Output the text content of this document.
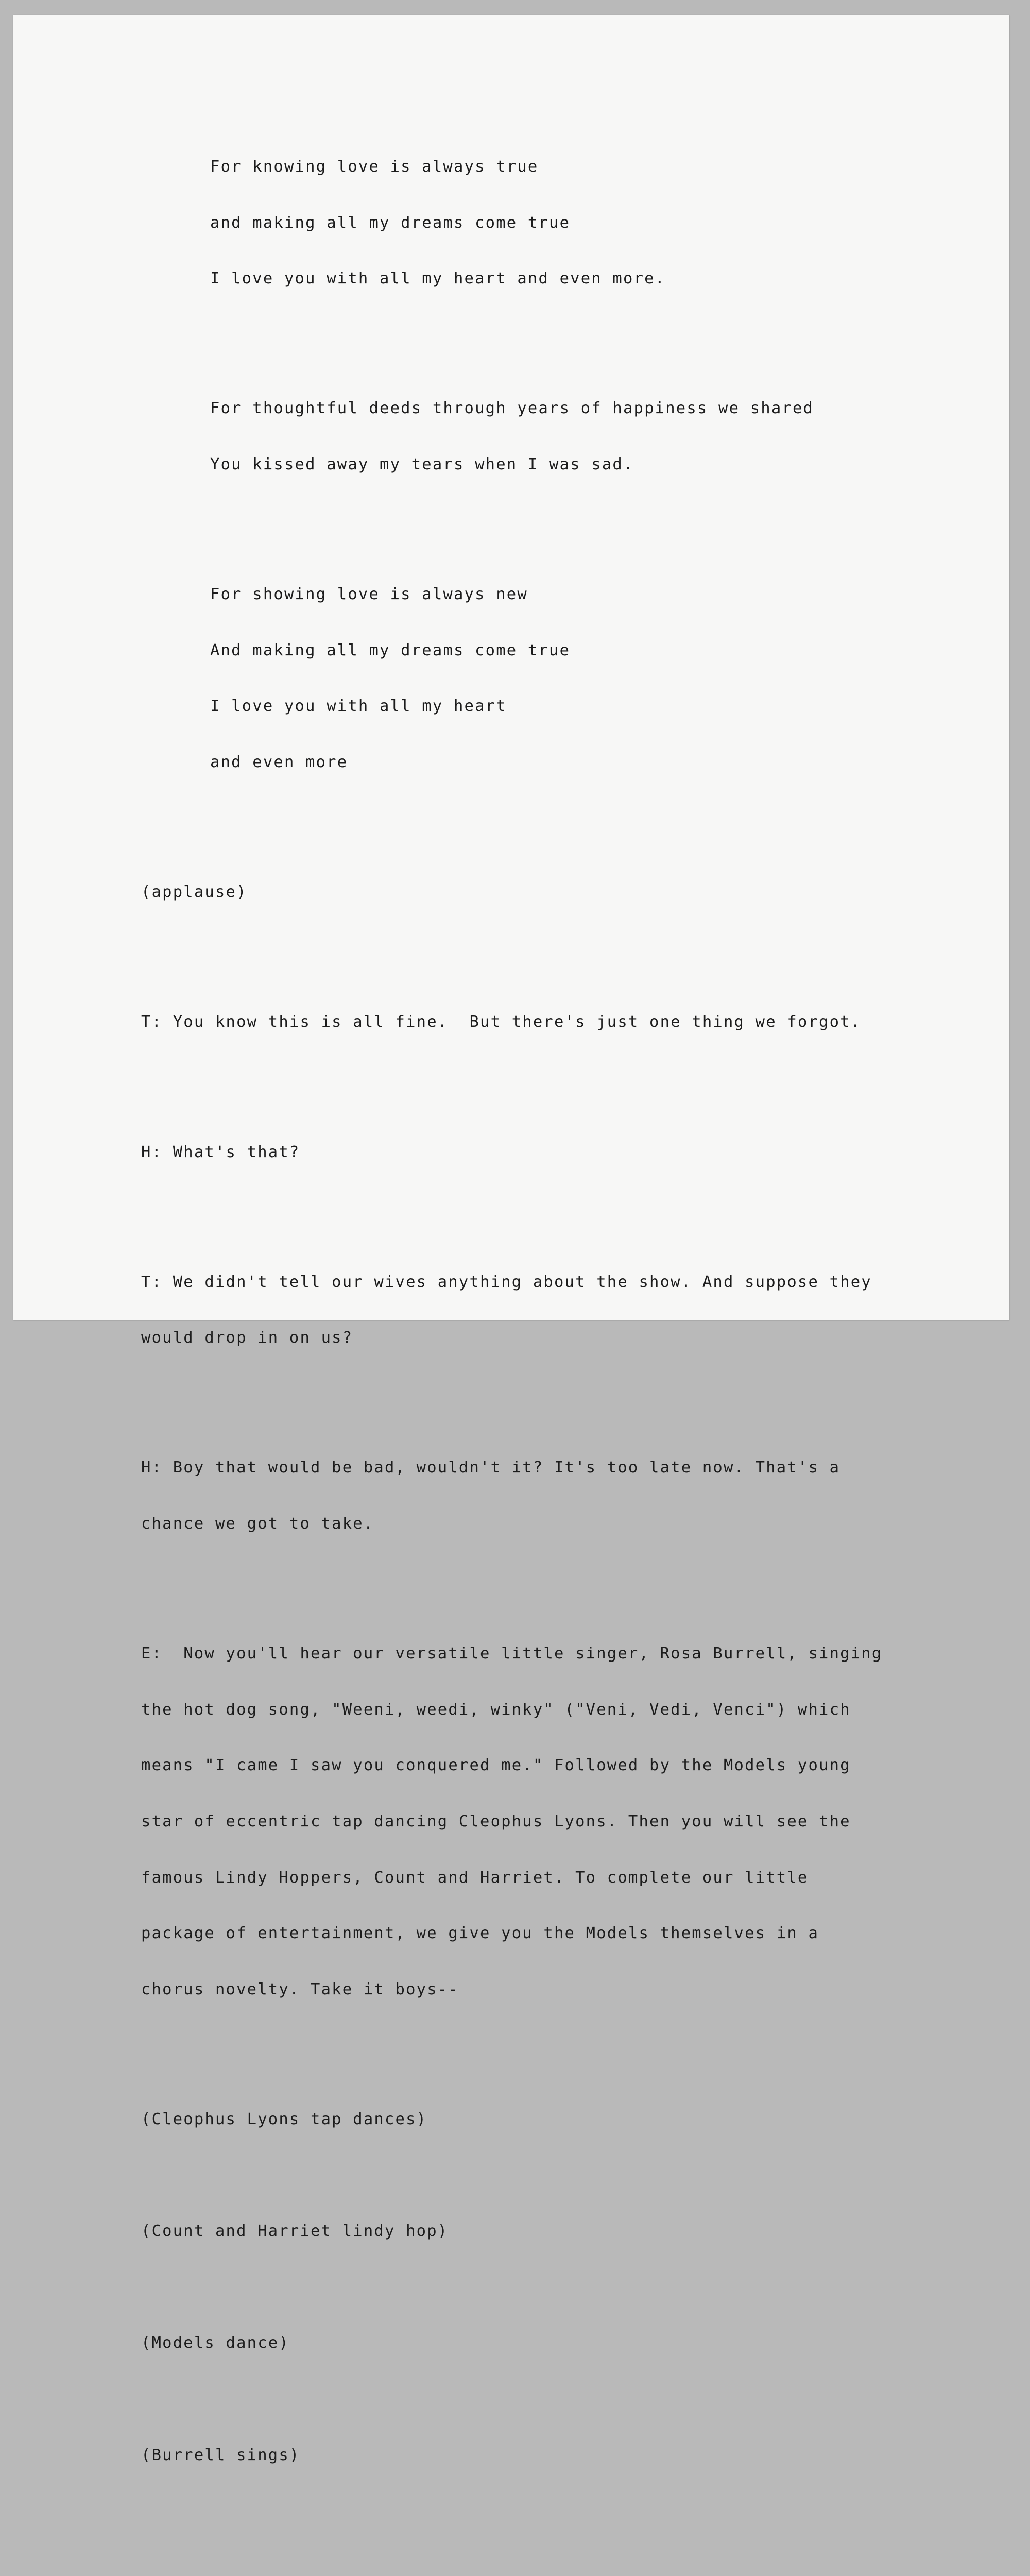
For knowing love is always true

and making all my dreams come true

I love you with all my heart and even more.

For thoughtful deeds through years of happiness we shared

You kissed away my tears when I was sad.

For showing love is always new

And making all my dreams come true

I love you with all my heart

and even more

(applause)

T: You know this is all fine.  But there's just one thing we forgot.

H: What's that?

T: We didn't tell our wives anything about the show. And suppose they

would drop in on us?

H: Boy that would be bad, wouldn't it? It's too late now. That's a

chance we got to take.

E:  Now you'll hear our versatile little singer, Rosa Burrell, singing

the hot dog song, "Weeni, weedi, winky" ("Veni, Vedi, Venci") which

means "I came I saw you conquered me." Followed by the Models young

star of eccentric tap dancing Cleophus Lyons. Then you will see the

famous Lindy Hoppers, Count and Harriet. To complete our little

package of entertainment, we give you the Models themselves in a

chorus novelty. Take it boys--

(Cleophus Lyons tap dances)

(Count and Harriet lindy hop)

(Models dance)

(Burrell sings)
